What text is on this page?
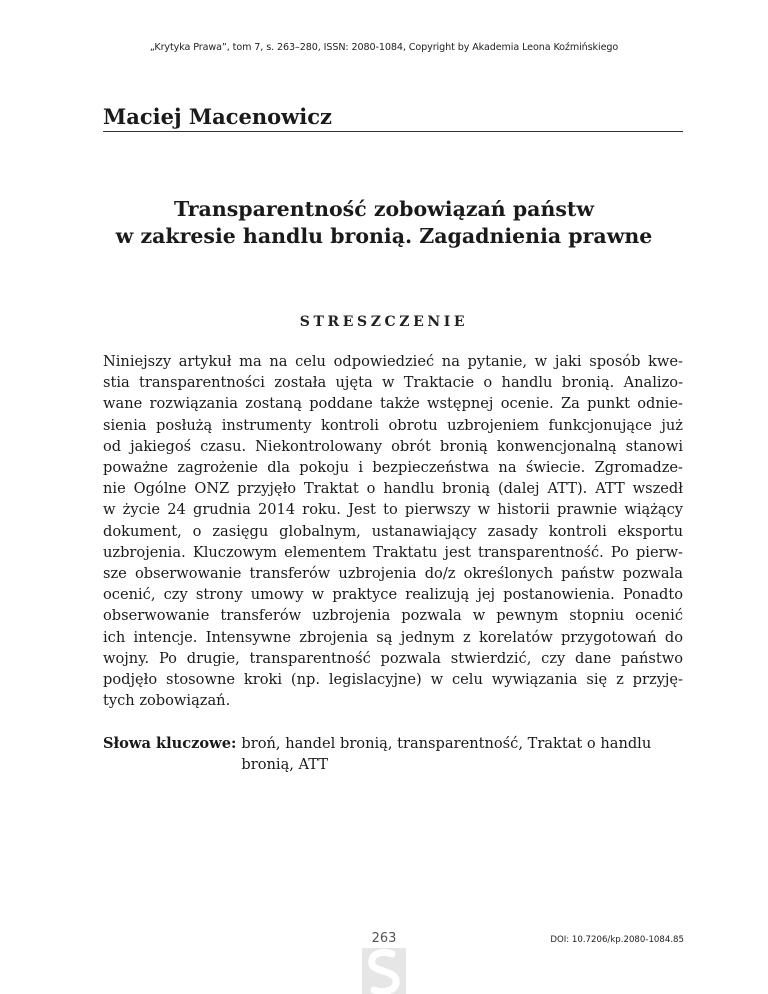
„Krytyka Prawa”, tom 7, s. 263–280, ISSN: 2080-1084, Copyright by Akademia Leona Koźmińskiego
Maciej Macenowicz
Transparentność zobowiązań państw
w zakresie handlu bronią. Zagadnienia prawne
STRESZCZENIE
Niniejszy artykuł ma na celu odpowiedzieć na pytanie, w jaki sposób kwe-
stia transparentności została ujęta w Traktacie o handlu bronią. Analizo-
wane rozwiązania zostaną poddane także wstępnej ocenie. Za punkt odnie-
sienia posłużą instrumenty kontroli obrotu uzbrojeniem funkcjonujące już
od jakiegoś czasu. Niekontrolowany obrót bronią konwencjonalną stanowi
poważne zagrożenie dla pokoju i bezpieczeństwa na świecie. Zgromadze-
nie Ogólne ONZ przyjęło Traktat o handlu bronią (dalej ATT). ATT wszedł
w życie 24 grudnia 2014 roku. Jest to pierwszy w historii prawnie wiążący
dokument, o zasięgu globalnym, ustanawiający zasady kontroli eksportu
uzbrojenia. Kluczowym elementem Traktatu jest transparentność. Po pierw-
sze obserwowanie transferów uzbrojenia do/z określonych państw pozwala
ocenić, czy strony umowy w praktyce realizują jej postanowienia. Ponadto
obserwowanie transferów uzbrojenia pozwala w pewnym stopniu ocenić
ich intencje. Intensywne zbrojenia są jednym z korelatów przygotowań do
wojny. Po drugie, transparentność pozwala stwierdzić, czy dane państwo
podjęło stosowne kroki (np. legislacyjne) w celu wywiązania się z przyję-
tych zobowiązań.
Słowa kluczowe: broń, handel bronią, transparentność, Traktat o handlu bronią, ATT
263	DOI: 10.7206/kp.2080-1084.85
